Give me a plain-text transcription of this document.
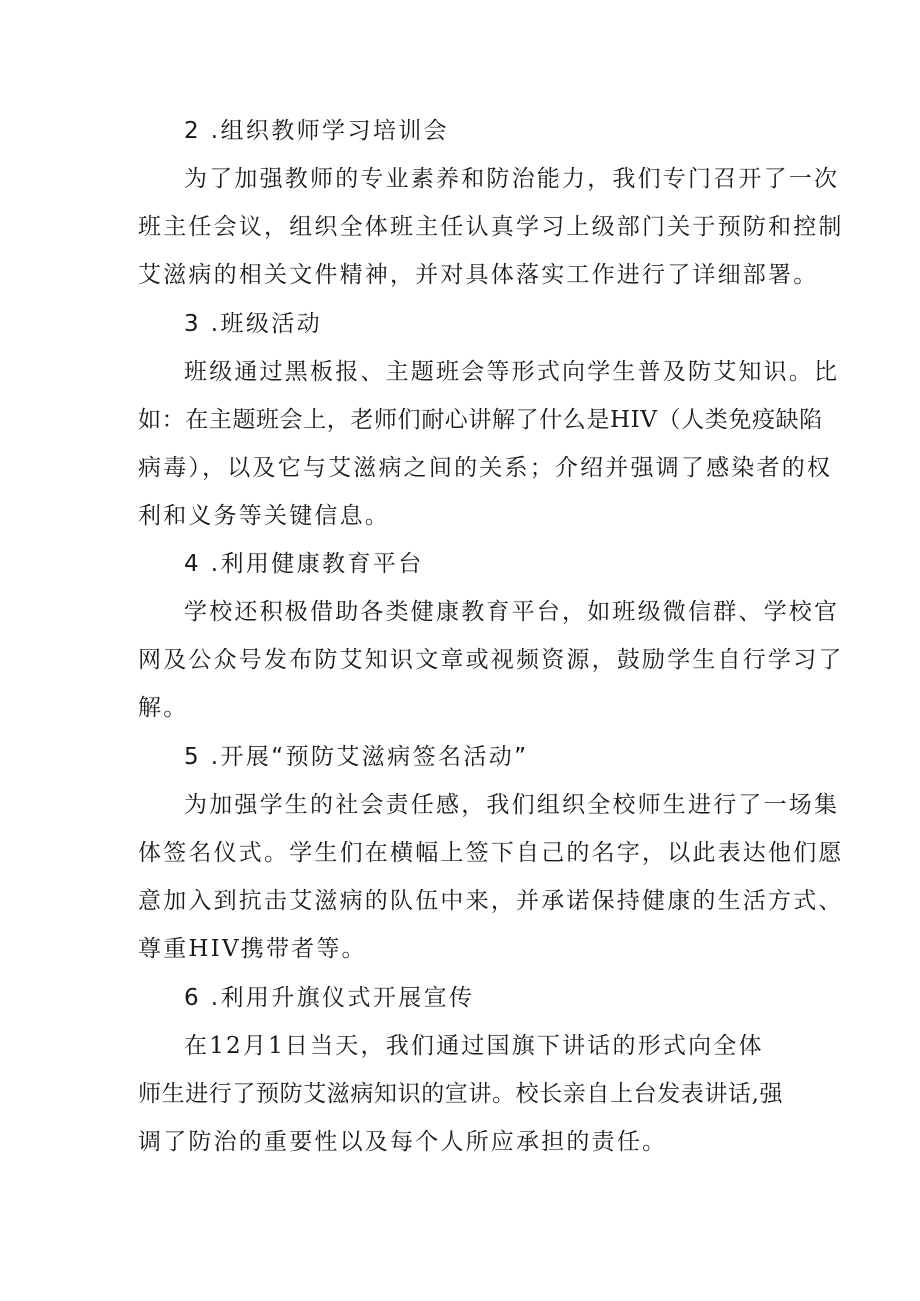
2 .组织教师学习培训会
为了加强教师的专业素养和防治能力，我们专门召开了一次
班主任会议，组织全体班主任认真学习上级部门关于预防和控制
艾滋病的相关文件精神，并对具体落实工作进行了详细部署。
3 .班级活动
班级通过黑板报、主题班会等形式向学生普及防艾知识。比
如：在主题班会上，老师们耐心讲解了什么是HIV（人类免疫缺陷
病毒），以及它与艾滋病之间的关系；介绍并强调了感染者的权
利和义务等关键信息。
4 .利用健康教育平台
学校还积极借助各类健康教育平台，如班级微信群、学校官
网及公众号发布防艾知识文章或视频资源，鼓励学生自行学习了
解。
5 .开展“预防艾滋病签名活动”
为加强学生的社会责任感，我们组织全校师生进行了一场集
体签名仪式。学生们在横幅上签下自己的名字，以此表达他们愿
意加入到抗击艾滋病的队伍中来，并承诺保持健康的生活方式、
尊重HIV携带者等。
6 .利用升旗仪式开展宣传
在12月1日当天，我们通过国旗下讲话的形式向全体
师生进行了预防艾滋病知识的宣讲。校长亲自上台发表讲话,强
调了防治的重要性以及每个人所应承担的责任。
